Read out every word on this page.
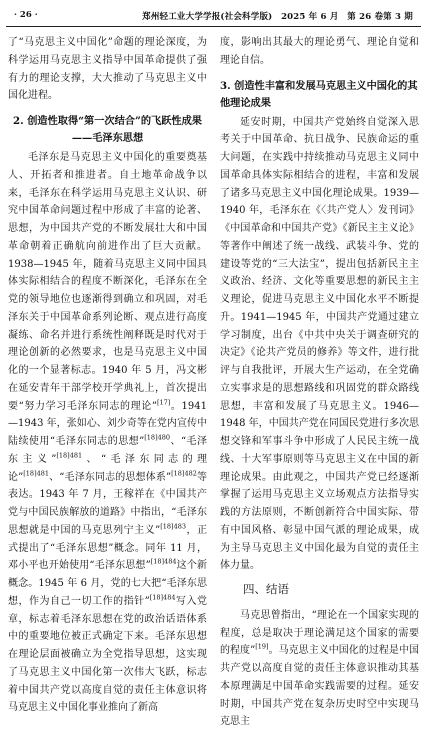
· 26 ·	郑州轻工业大学学报(社会科学版)　2025 年 6 月　第 26 卷第 3 期

了“马克思主义中国化”命题的理论深度，为科学运用马克思主义指导中国革命提供了强有力的理论支撑，大大推动了马克思主义中国化进程。

2. 创造性取得“第一次结合”的飞跃性成果
——毛泽东思想

毛泽东是马克思主义中国化的重要奠基人、开拓者和推进者。自土地革命战争以来，毛泽东在科学运用马克思主义认识、研究中国革命问题过程中形成了丰富的论著、思想，为中国共产党的不断发展壮大和中国革命朝着正确航向前进作出了巨大贡献。1938—1945 年，随着马克思主义同中国具体实际相结合的程度不断深化，毛泽东在全党的领导地位也逐渐得到确立和巩固，对毛泽东关于中国革命系列论断、观点进行高度凝练、命名并进行系统性阐释既是时代对于理论创新的必然要求，也是马克思主义中国化的一个显著标志。1940 年 5 月，冯文彬在延安青年干部学校开学典礼上，首次提出要“努力学习毛泽东同志的理论”[17]。1941—1943 年，张如心、刘少奇等在党内宣传中陆续使用“毛泽东同志的思想”$^{[18]480}$、“毛泽东主义”$^{[18]481}$、“毛泽东同志的理论”$^{[18]481}$、“毛泽东同志的思想体系”$^{[18]482}$等表达。1943 年 7 月，王稼祥在《中国共产党与中国民族解放的道路》中指出，“毛泽东思想就是中国的马克思列宁主义”$^{[18]483}$，正式提出了“毛泽东思想”概念。同年 11 月，邓小平也开始使用“毛泽东思想”$^{[18]484}$这个新概念。1945 年 6 月，党的七大把“毛泽东思想，作为自己一切工作的指针”$^{[18]484}$写入党章，标志着毛泽东思想在党的政治话语体系中的重要地位被正式确定下来。毛泽东思想在理论层面被确立为全党指导思想，这实现了马克思主义中国化第一次伟大飞跃，标志着中国共产党以高度自觉的责任主体意识将马克思主义中国化事业推向了新高

度，影响出其最大的理论勇气、理论自觉和理论自信。

3. 创造性丰富和发展马克思主义中国化的其他理论成果

延安时期，中国共产党始终自觉深入思考关于中国革命、抗日战争、民族命运的重大问题，在实践中持续推动马克思主义同中国革命具体实际相结合的进程，丰富和发展了诸多马克思主义中国化理论成果。1939—1940 年，毛泽东在《〈共产党人〉发刊词》《中国革命和中国共产党》《新民主主义论》等著作中阐述了统一战线、武装斗争、党的建设等党的“三大法宝”，提出包括新民主主义政治、经济、文化等重要思想的新民主主义理论，促进马克思主义中国化水平不断提升。1941—1945 年，中国共产党通过建立学习制度，出台《中共中央关于调查研究的决定》《论共产党员的修养》等文件，进行批评与自我批评，开展大生产运动，在全党确立实事求是的思想路线和巩固党的群众路线思想，丰富和发展了马克思主义。1946—1948 年，中国共产党在同国民党进行多次思想交锋和军事斗争中形成了人民民主统一战线、十大军事原则等马克思主义在中国的新理论成果。由此观之，中国共产党已经逐渐掌握了运用马克思主义立场观点方法指导实践的方法原则，不断创新符合中国实际、带有中国风格、彰显中国气派的理论成果，成为主导马克思主义中国化最为自觉的责任主体力量。

四、结语

马克思曾指出，“理论在一个国家实现的程度，总是取决于理论满足这个国家的需要的程度”[19]。马克思主义中国化的过程是中国共产党以高度自觉的责任主体意识推动其基本原理满足中国革命实践需要的过程。延安时期，中国共产党在复杂历史时空中实现马克思主
